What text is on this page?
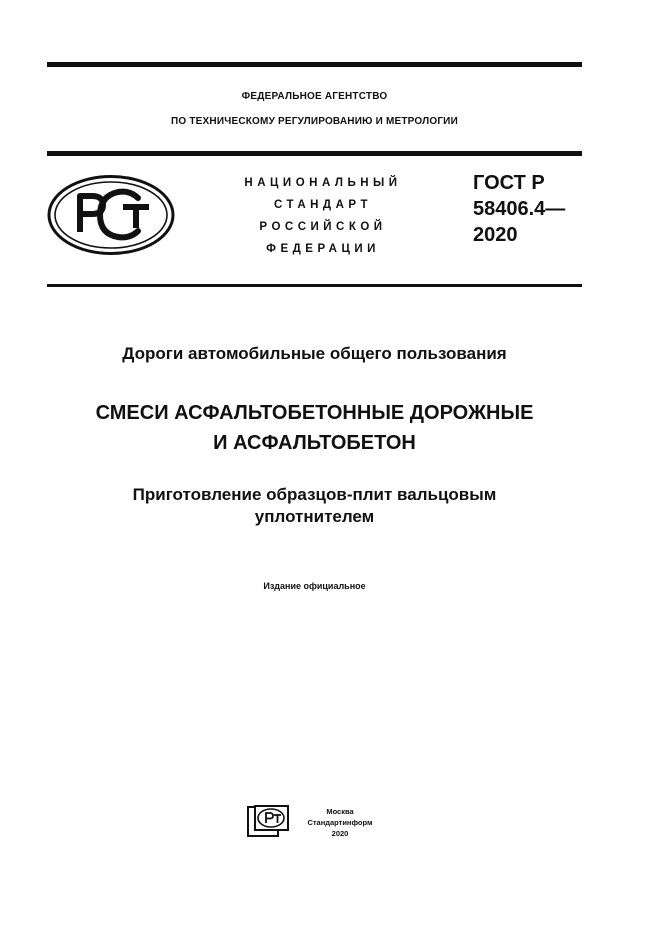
ФЕДЕРАЛЬНОЕ АГЕНТСТВО
ПО ТЕХНИЧЕСКОМУ РЕГУЛИРОВАНИЮ И МЕТРОЛОГИИ
НАЦИОНАЛЬНЫЙ
СТАНДАРТ
РОССИЙСКОЙ
ФЕДЕРАЦИИ
ГОСТ Р
58406.4—
2020
Дороги автомобильные общего пользования
СМЕСИ АСФАЛЬТОБЕТОННЫЕ ДОРОЖНЫЕ
И АСФАЛЬТОБЕТОН
Приготовление образцов-плит вальцовым
уплотнителем
Издание официальное
Москва
Стандартинформ
2020
